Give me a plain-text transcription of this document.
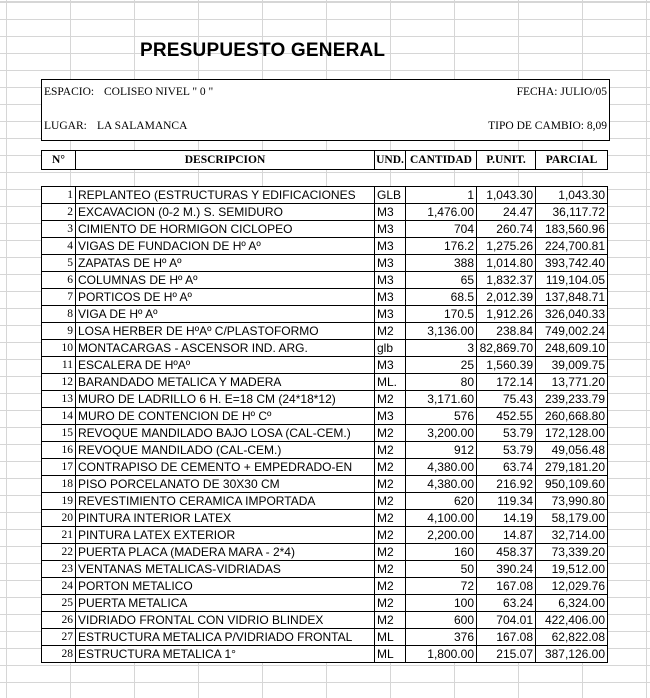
PRESUPUESTO GENERAL
ESPACIO: COLISEO NIVEL " 0 "	FECHA: JULIO/05
LUGAR: LA SALAMANCA	TIPO DE CAMBIO: 8,09
N°	DESCRIPCION	UND. CANTIDAD	P.UNIT.	PARCIAL
1 REPLANTEO (ESTRUCTURAS Y EDIFICACIONES	GLB	1	1,043.30	1,043.30
2 EXCAVACION (0-2 M.) S. SEMIDURO	M3	1,476.00	24.47	36,117.72
3 CIMIENTO DE HORMIGON CICLOPEO	M3	704	260.74 183,560.96
4 VIGAS DE FUNDACION DE Hº Aº	M3	176.2	1,275.26 224,700.81
5 ZAPATAS DE Hº Aº	M3	388	1,014.80 393,742.40
6 COLUMNAS DE Hº Aº	M3	65	1,832.37	119,104.05
7 PORTICOS DE Hº Aº	M3	68.5	2,012.39 137,848.71
8 VIGA DE Hº Aº	M3	170.5	1,912.26 326,040.33
9 LOSA HERBER DE HºAº C/PLASTOFORMO	M2	3,136.00	238.84 749,002.24
10 MONTACARGAS - ASCENSOR IND. ARG.	glb	3 82,869.70 248,609.10
11 ESCALERA DE HºAº	M3	25	1,560.39	39,009.75
12 BARANDADO METALICA Y MADERA	ML.	80	172.14	13,771.20
13 MURO DE LADRILLO 6 H. E=18 CM (24*18*12)	M2	3,171.60	75.43 239,233.79
14 MURO DE CONTENCION DE Hº Cº	M3	576	452.55 260,668.80
15 REVOQUE MANDILADO BAJO LOSA (CAL-CEM.)	M2	3,200.00	53.79 172,128.00
16 REVOQUE MANDILADO (CAL-CEM.)	M2	912	53.79	49,056.48
17 CONTRAPISO DE CEMENTO + EMPEDRADO-EN	M2	4,380.00	63.74 279,181.20
18 PISO PORCELANATO DE 30X30 CM	M2	4,380.00	216.92 950,109.60
19 REVESTIMIENTO CERAMICA IMPORTADA	M2	620	119.34	73,990.80
20 PINTURA INTERIOR LATEX	M2	4,100.00	14.19	58,179.00
21 PINTURA LATEX EXTERIOR	M2	2,200.00	14.87	32,714.00
22 PUERTA PLACA (MADERA MARA - 2*4)	M2	160	458.37	73,339.20
23 VENTANAS METALICAS-VIDRIADAS	M2	50	390.24	19,512.00
24 PORTON METALICO	M2	72	167.08	12,029.76
25 PUERTA METALICA	M2	100	63.24	6,324.00
26 VIDRIADO FRONTAL CON VIDRIO BLINDEX	M2	600	704.01 422,406.00
27 ESTRUCTURA METALICA P/VIDRIADO FRONTAL	ML	376	167.08	62,822.08
28 ESTRUCTURA METALICA 1°	ML	1,800.00	215.07 387,126.00
